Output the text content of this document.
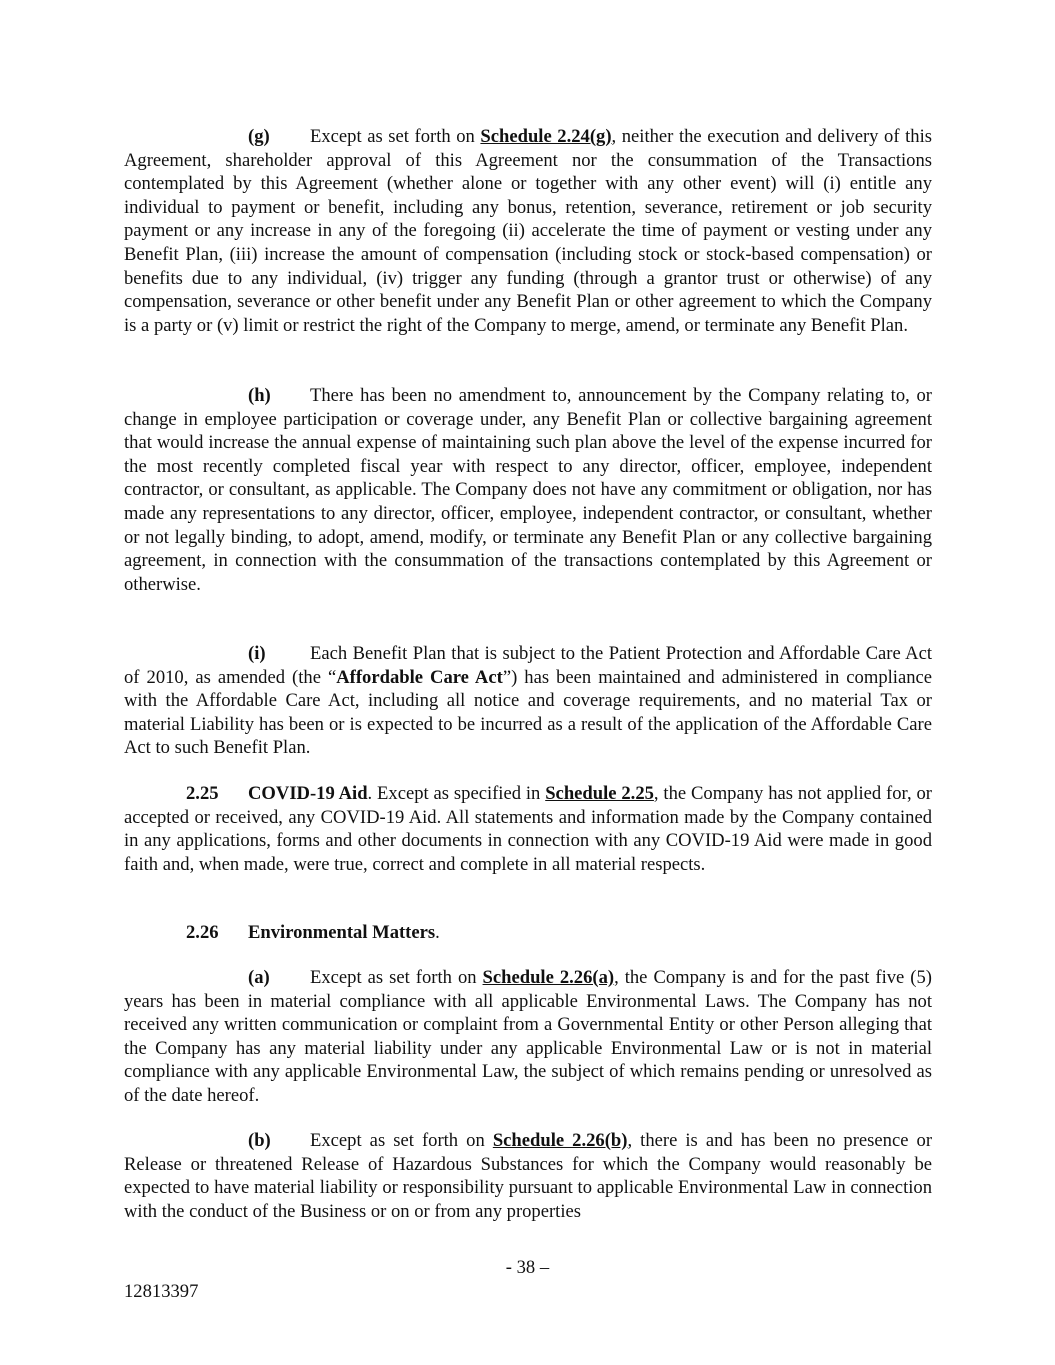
(g) Except as set forth on Schedule 2.24(g), neither the execution and delivery of this Agreement, shareholder approval of this Agreement nor the consummation of the Transactions contemplated by this Agreement (whether alone or together with any other event) will (i) entitle any individual to payment or benefit, including any bonus, retention, severance, retirement or job security payment or any increase in any of the foregoing (ii) accelerate the time of payment or vesting under any Benefit Plan, (iii) increase the amount of compensation (including stock or stock-based compensation) or benefits due to any individual, (iv) trigger any funding (through a grantor trust or otherwise) of any compensation, severance or other benefit under any Benefit Plan or other agreement to which the Company is a party or (v) limit or restrict the right of the Company to merge, amend, or terminate any Benefit Plan.

(h) There has been no amendment to, announcement by the Company relating to, or change in employee participation or coverage under, any Benefit Plan or collective bargaining agreement that would increase the annual expense of maintaining such plan above the level of the expense incurred for the most recently completed fiscal year with respect to any director, officer, employee, independent contractor, or consultant, as applicable. The Company does not have any commitment or obligation, nor has made any representations to any director, officer, employee, independent contractor, or consultant, whether or not legally binding, to adopt, amend, modify, or terminate any Benefit Plan or any collective bargaining agreement, in connection with the consummation of the transactions contemplated by this Agreement or otherwise.

(i) Each Benefit Plan that is subject to the Patient Protection and Affordable Care Act of 2010, as amended (the “Affordable Care Act”) has been maintained and administered in compliance with the Affordable Care Act, including all notice and coverage requirements, and no material Tax or material Liability has been or is expected to be incurred as a result of the application of the Affordable Care Act to such Benefit Plan.

2.25 COVID-19 Aid. Except as specified in Schedule 2.25, the Company has not applied for, or accepted or received, any COVID-19 Aid. All statements and information made by the Company contained in any applications, forms and other documents in connection with any COVID-19 Aid were made in good faith and, when made, were true, correct and complete in all material respects.

2.26 Environmental Matters.

(a) Except as set forth on Schedule 2.26(a), the Company is and for the past five (5) years has been in material compliance with all applicable Environmental Laws. The Company has not received any written communication or complaint from a Governmental Entity or other Person alleging that the Company has any material liability under any applicable Environmental Law or is not in material compliance with any applicable Environmental Law, the subject of which remains pending or unresolved as of the date hereof.

(b) Except as set forth on Schedule 2.26(b), there is and has been no presence or Release or threatened Release of Hazardous Substances for which the Company would reasonably be expected to have material liability or responsibility pursuant to applicable Environmental Law in connection with the conduct of the Business or on or from any properties

- 38 –
12813397
